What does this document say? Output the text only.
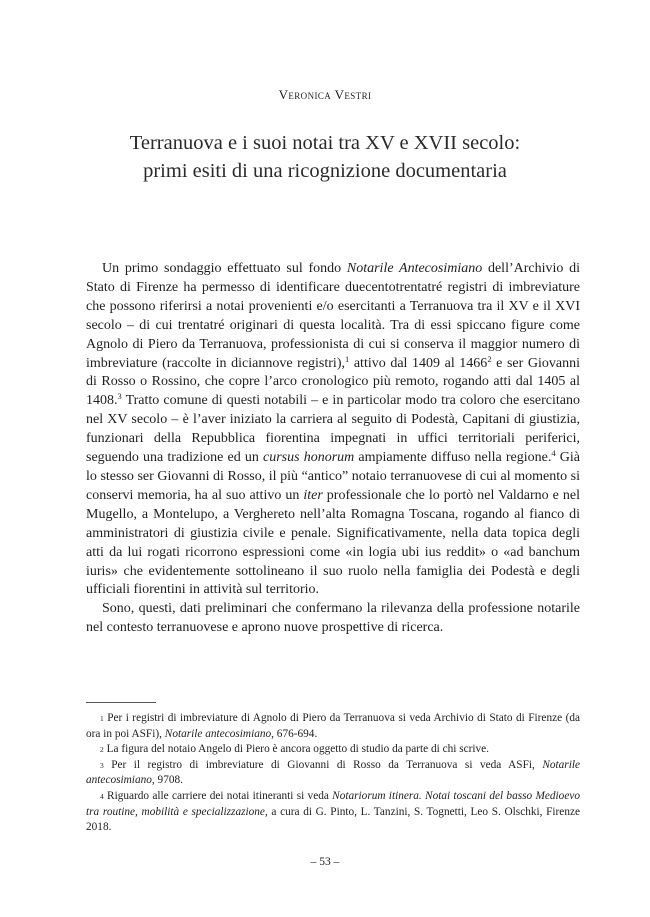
Veronica Vestri
Terranuova e i suoi notai tra XV e XVII secolo:
primi esiti di una ricognizione documentaria

Un primo sondaggio effettuato sul fondo Notarile Antecosimiano dell’Archivio di Stato di Firenze ha permesso di identificare duecentotrentatré registri di imbreviature che possono riferirsi a notai provenienti e/o esercitanti a Terranuova tra il XV e il XVI secolo – di cui trentatré originari di questa località. Tra di essi spiccano figure come Agnolo di Piero da Terranuova, professionista di cui si conserva il maggior numero di imbreviature (raccolte in diciannove registri),$^1$ attivo dal 1409 al 1466$^2$ e ser Giovanni di Rosso o Rossino, che copre l’arco cronologico più remoto, rogando atti dal 1405 al 1408.$^3$ Tratto comune di questi notabili – e in particolar modo tra coloro che esercitano nel XV secolo – è l’aver iniziato la carriera al seguito di Podestà, Capitani di giustizia, funzionari della Repubblica fiorentina impegnati in uffici territoriali periferici, seguendo una tradizione ed un cursus honorum ampiamente diffuso nella regione.$^4$ Già lo stesso ser Giovanni di Rosso, il più “antico” notaio terranuovese di cui al momento si conservi memoria, ha al suo attivo un iter professionale che lo portò nel Valdarno e nel Mugello, a Montelupo, a Verghereto nell’alta Romagna Toscana, rogando al fianco di amministratori di giustizia civile e penale. Significativamente, nella data topica degli atti da lui rogati ricorrono espressioni come «in logia ubi ius reddit» o «ad banchum iuris» che evidentemente sottolineano il suo ruolo nella famiglia dei Podestà e degli ufficiali fiorentini in attività sul territorio.

Sono, questi, dati preliminari che confermano la rilevanza della professione notarile nel contesto terranuovese e aprono nuove prospettive di ricerca.

1 Per i registri di imbreviature di Agnolo di Piero da Terranuova si veda Archivio di Stato di Firenze (da ora in poi ASFi), Notarile antecosimiano, 676-694.

2 La figura del notaio Angelo di Piero è ancora oggetto di studio da parte di chi scrive.

3 Per il registro di imbreviature di Giovanni di Rosso da Terranuova si veda ASFi, Notarile antecosimiano, 9708.

4 Riguardo alle carriere dei notai itineranti si veda Notariorum itinera. Notai toscani del basso Medioevo tra routine, mobilità e specializzazione, a cura di G. Pinto, L. Tanzini, S. Tognetti, Leo S. Olschki, Firenze 2018.

– 53 –
